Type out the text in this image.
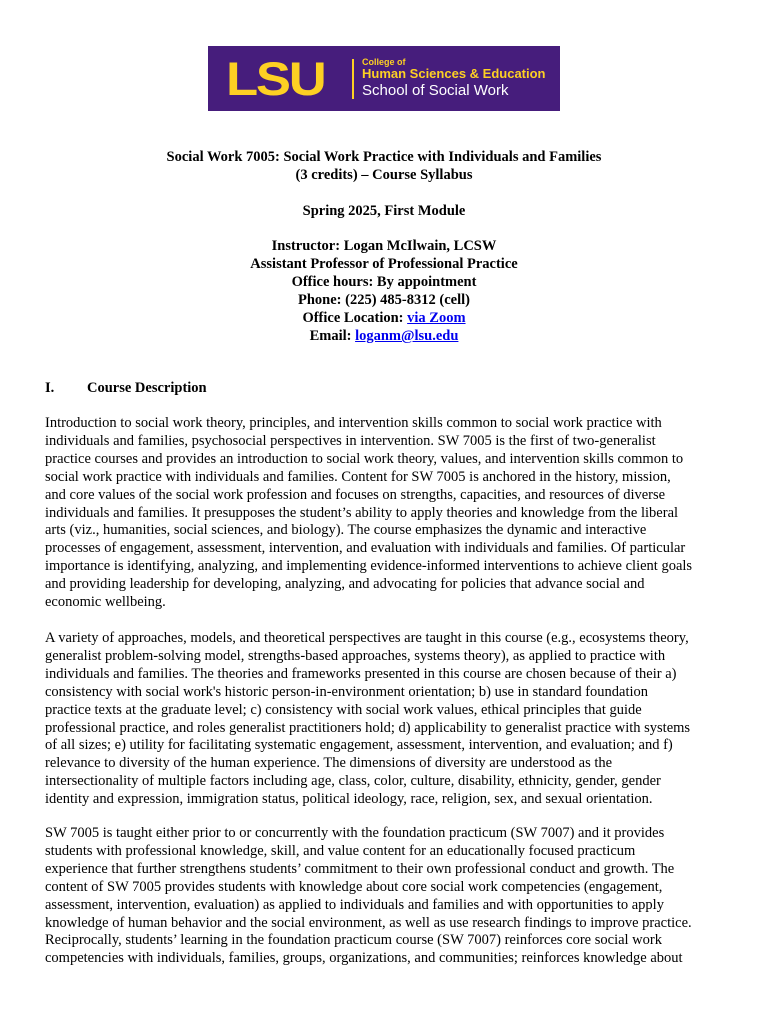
LSU	College of
Human Sciences & Education
School of Social Work
Social Work 7005: Social Work Practice with Individuals and Families
(3 credits) – Course Syllabus
Spring 2025, First Module
Instructor: Logan McIlwain, LCSW
Assistant Professor of Professional Practice
Office hours: By appointment
Phone: (225) 485-8312 (cell)
Office Location: via Zoom
Email: loganm@lsu.edu
I. Course Description
Introduction to social work theory, principles, and intervention skills common to social work practice with
individuals and families, psychosocial perspectives in intervention. SW 7005 is the first of two-generalist
practice courses and provides an introduction to social work theory, values, and intervention skills common to
social work practice with individuals and families. Content for SW 7005 is anchored in the history, mission,
and core values of the social work profession and focuses on strengths, capacities, and resources of diverse
individuals and families. It presupposes the student’s ability to apply theories and knowledge from the liberal
arts (viz., humanities, social sciences, and biology). The course emphasizes the dynamic and interactive
processes of engagement, assessment, intervention, and evaluation with individuals and families. Of particular
importance is identifying, analyzing, and implementing evidence-informed interventions to achieve client goals
and providing leadership for developing, analyzing, and advocating for policies that advance social and
economic wellbeing.
A variety of approaches, models, and theoretical perspectives are taught in this course (e.g., ecosystems theory,
generalist problem-solving model, strengths-based approaches, systems theory), as applied to practice with
individuals and families. The theories and frameworks presented in this course are chosen because of their a)
consistency with social work's historic person-in-environment orientation; b) use in standard foundation
practice texts at the graduate level; c) consistency with social work values, ethical principles that guide
professional practice, and roles generalist practitioners hold; d) applicability to generalist practice with systems
of all sizes; e) utility for facilitating systematic engagement, assessment, intervention, and evaluation; and f)
relevance to diversity of the human experience. The dimensions of diversity are understood as the
intersectionality of multiple factors including age, class, color, culture, disability, ethnicity, gender, gender
identity and expression, immigration status, political ideology, race, religion, sex, and sexual orientation.
SW 7005 is taught either prior to or concurrently with the foundation practicum (SW 7007) and it provides
students with professional knowledge, skill, and value content for an educationally focused practicum
experience that further strengthens students’ commitment to their own professional conduct and growth. The
content of SW 7005 provides students with knowledge about core social work competencies (engagement,
assessment, intervention, evaluation) as applied to individuals and families and with opportunities to apply
knowledge of human behavior and the social environment, as well as use research findings to improve practice.
Reciprocally, students’ learning in the foundation practicum course (SW 7007) reinforces core social work
competencies with individuals, families, groups, organizations, and communities; reinforces knowledge about
